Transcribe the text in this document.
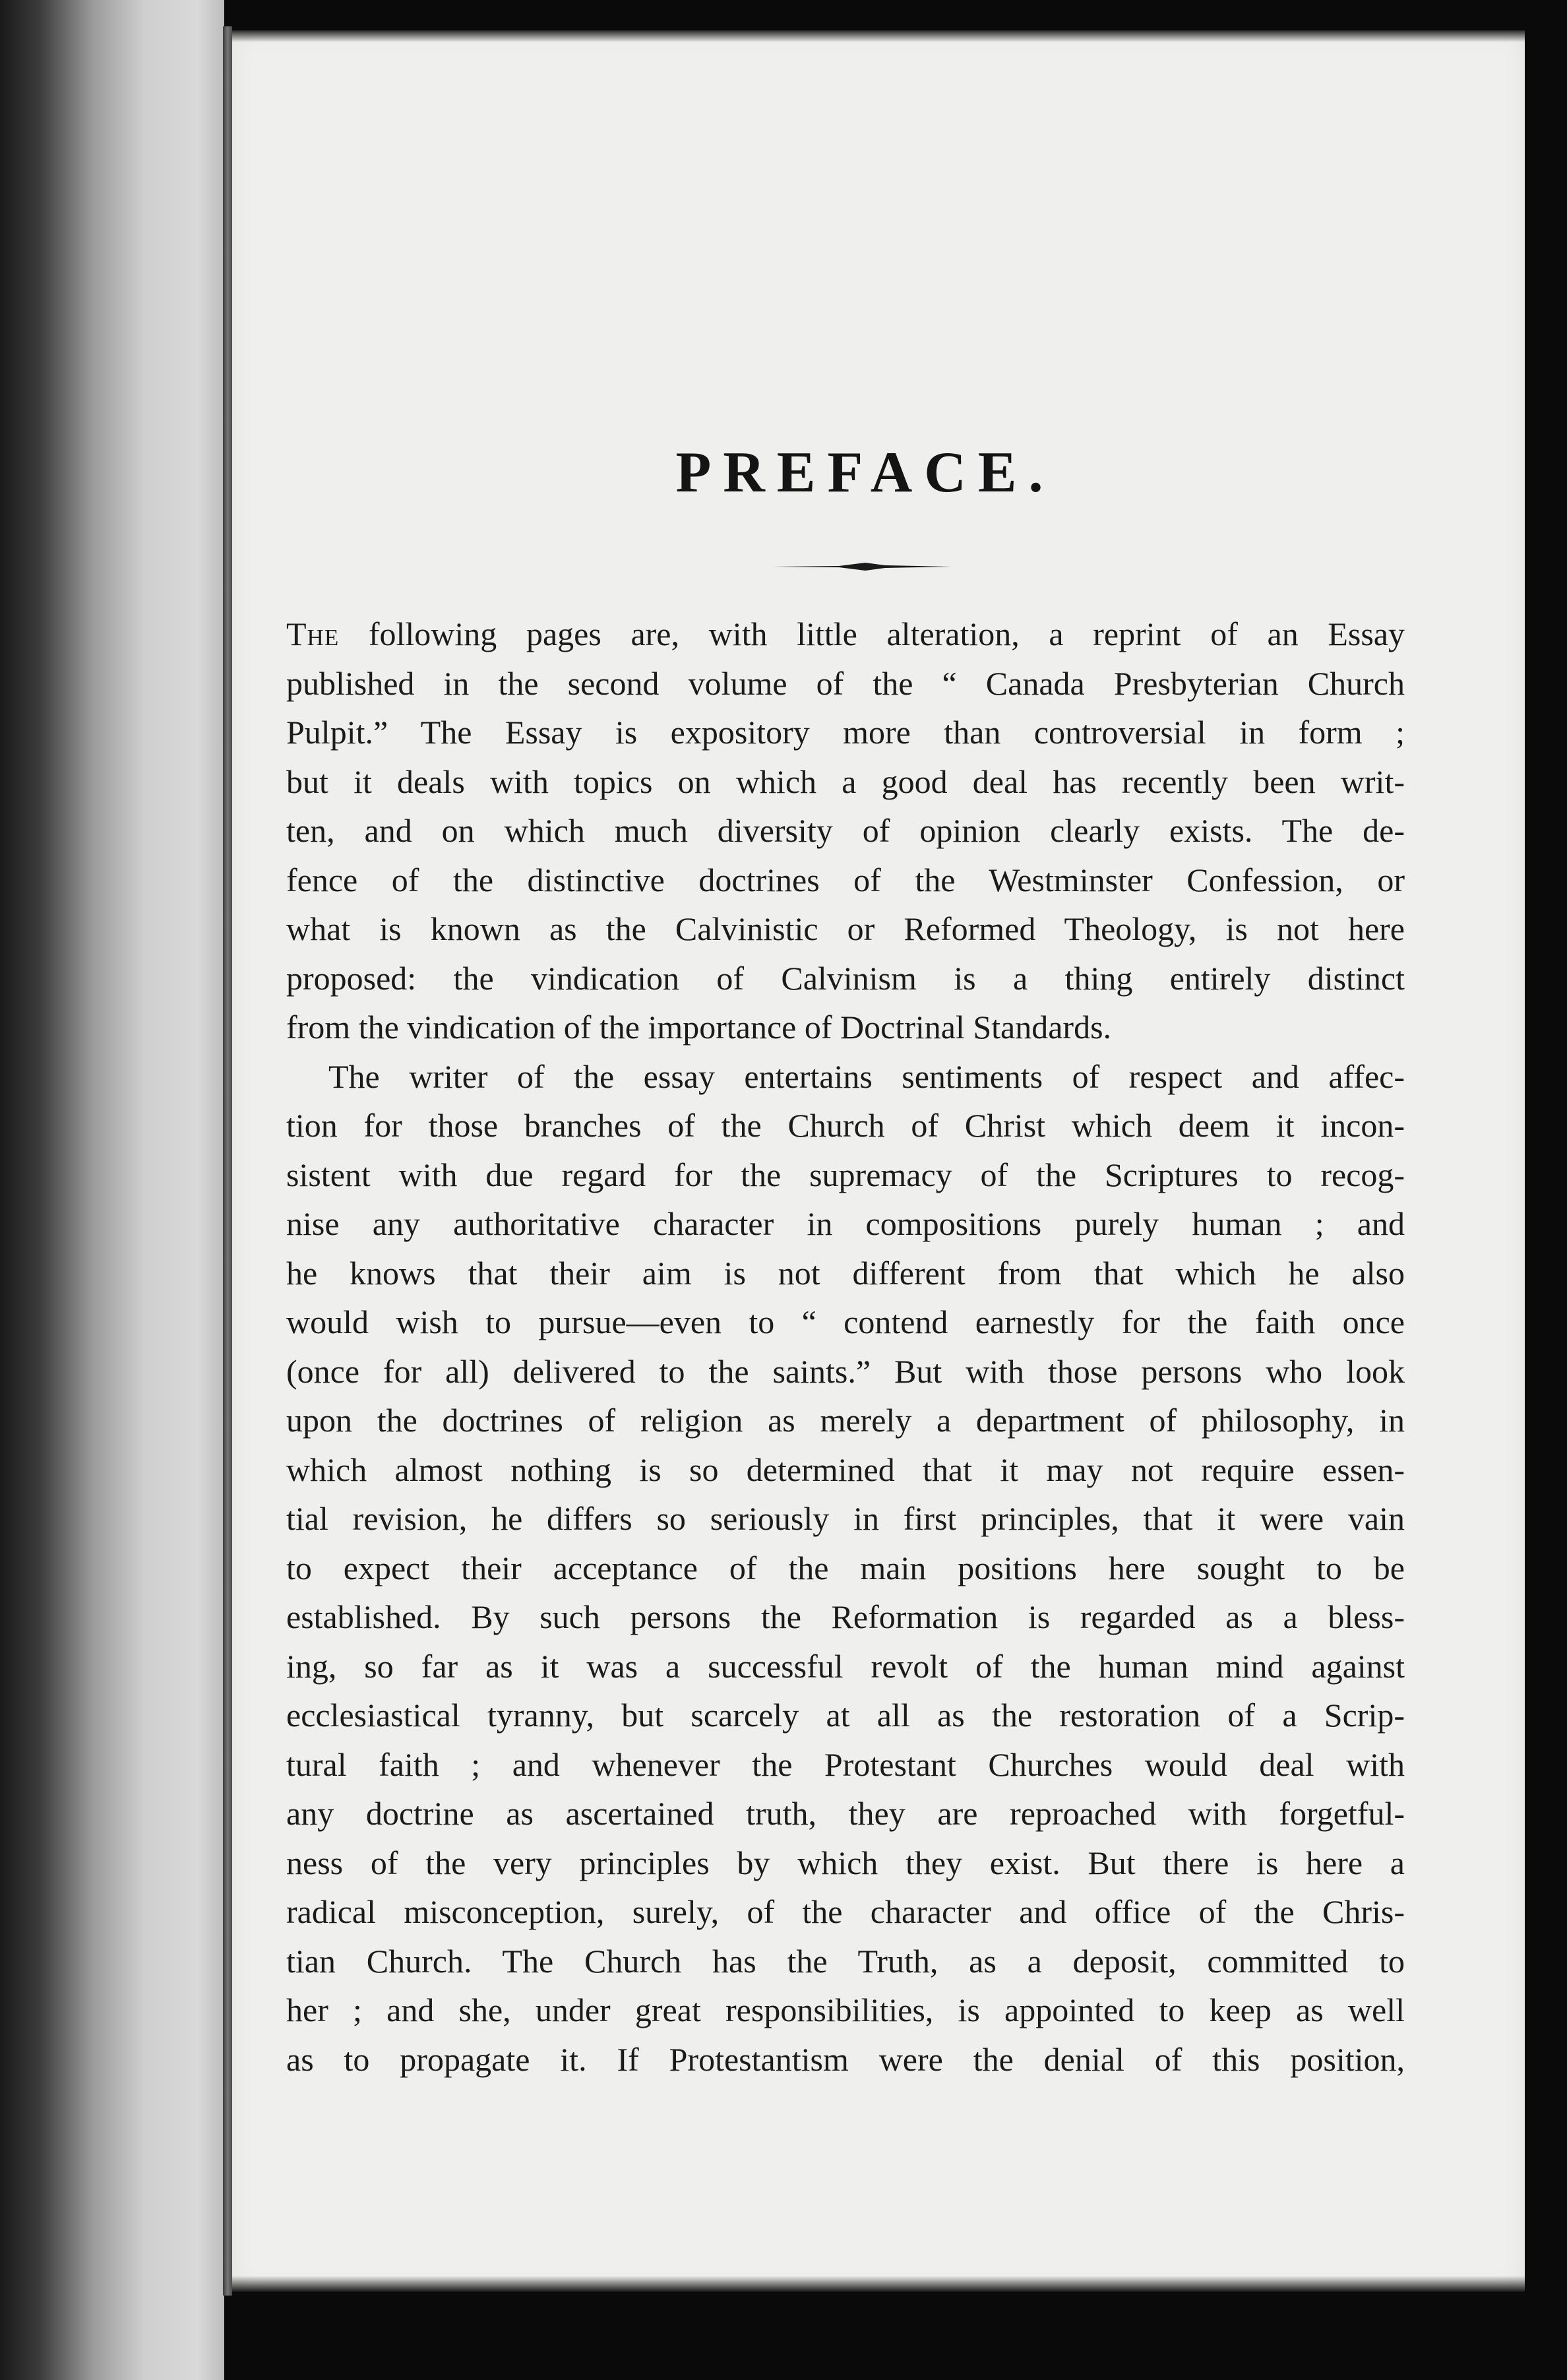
PREFACE.
The following pages are, with little alteration, a reprint of an Essay
published in the second volume of the “ Canada Presbyterian Church
Pulpit.” The Essay is expository more than controversial in form ;
but it deals with topics on which a good deal has recently been writ-
ten, and on which much diversity of opinion clearly exists. The de-
fence of the distinctive doctrines of the Westminster Confession, or
what is known as the Calvinistic or Reformed Theology, is not here
proposed: the vindication of Calvinism is a thing entirely distinct
from the vindication of the importance of Doctrinal Standards.
The writer of the essay entertains sentiments of respect and affec-
tion for those branches of the Church of Christ which deem it incon-
sistent with due regard for the supremacy of the Scriptures to recog-
nise any authoritative character in compositions purely human ; and
he knows that their aim is not different from that which he also
would wish to pursue—even to “ contend earnestly for the faith once
(once for all) delivered to the saints.” But with those persons who look
upon the doctrines of religion as merely a department of philosophy, in
which almost nothing is so determined that it may not require essen-
tial revision, he differs so seriously in first principles, that it were vain
to expect their acceptance of the main positions here sought to be
established. By such persons the Reformation is regarded as a bless-
ing, so far as it was a successful revolt of the human mind against
ecclesiastical tyranny, but scarcely at all as the restoration of a Scrip-
tural faith ; and whenever the Protestant Churches would deal with
any doctrine as ascertained truth, they are reproached with forgetful-
ness of the very principles by which they exist. But there is here a
radical misconception, surely, of the character and office of the Chris-
tian Church. The Church has the Truth, as a deposit, committed to
her ; and she, under great responsibilities, is appointed to keep as well
as to propagate it. If Protestantism were the denial of this position,
